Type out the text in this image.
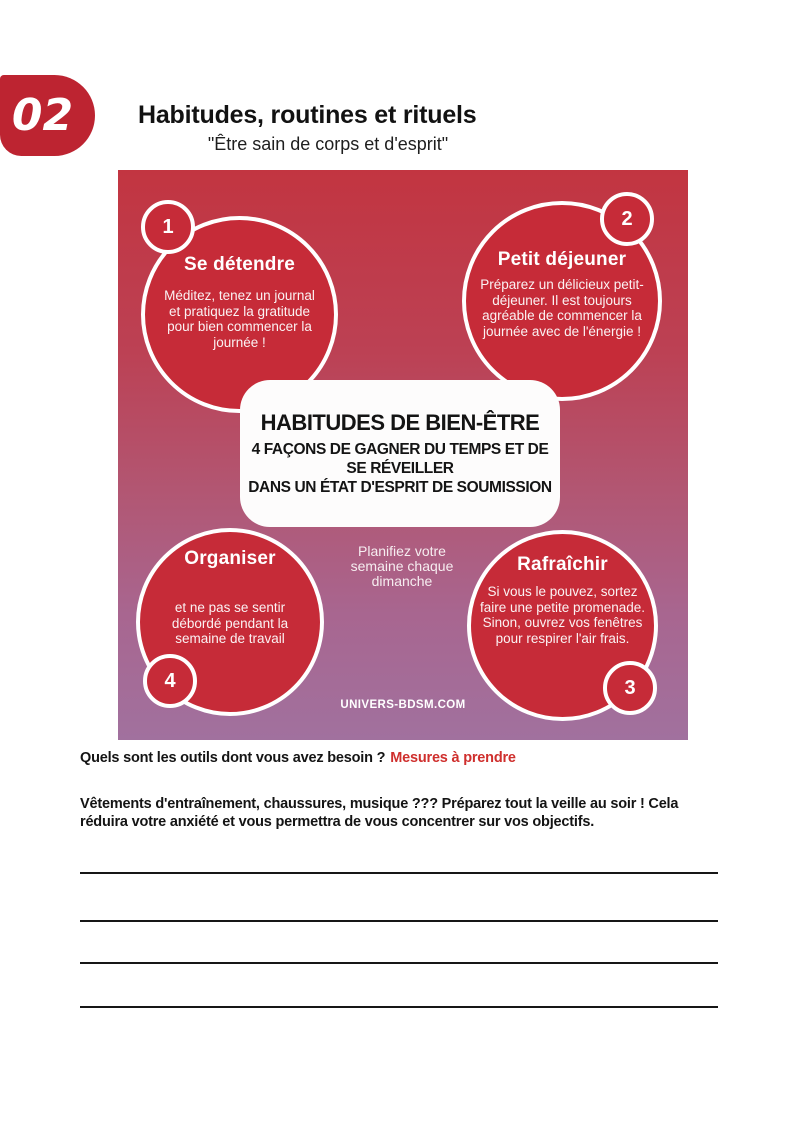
02	Habitudes, routines et rituels
"Être sain de corps et d'esprit"
Se détendre
Méditez, tenez un journal et pratiquez la gratitude pour bien commencer la journée !
Petit déjeuner
Préparez un délicieux petit-déjeuner. Il est toujours agréable de commencer la journée avec de l'énergie !
Rafraîchir
Si vous le pouvez, sortez faire une petite promenade. Sinon, ouvrez vos fenêtres pour respirer l'air frais.
Organiser
et ne pas se sentir débordé pendant la semaine de travail
1	2
3
4
HABITUDES DE BIEN-ÊTRE
4 FAÇONS DE GAGNER DU TEMPS ET DE
SE RÉVEILLER
DANS UN ÉTAT D'ESPRIT DE SOUMISSION
Planifiez votre semaine chaque dimanche
UNIVERS-BDSM.COM
Quels sont les outils dont vous avez besoin ? Mesures à prendre
Vêtements d'entraînement, chaussures, musique ??? Préparez tout la veille au soir ! Cela
réduira votre anxiété et vous permettra de vous concentrer sur vos objectifs.
